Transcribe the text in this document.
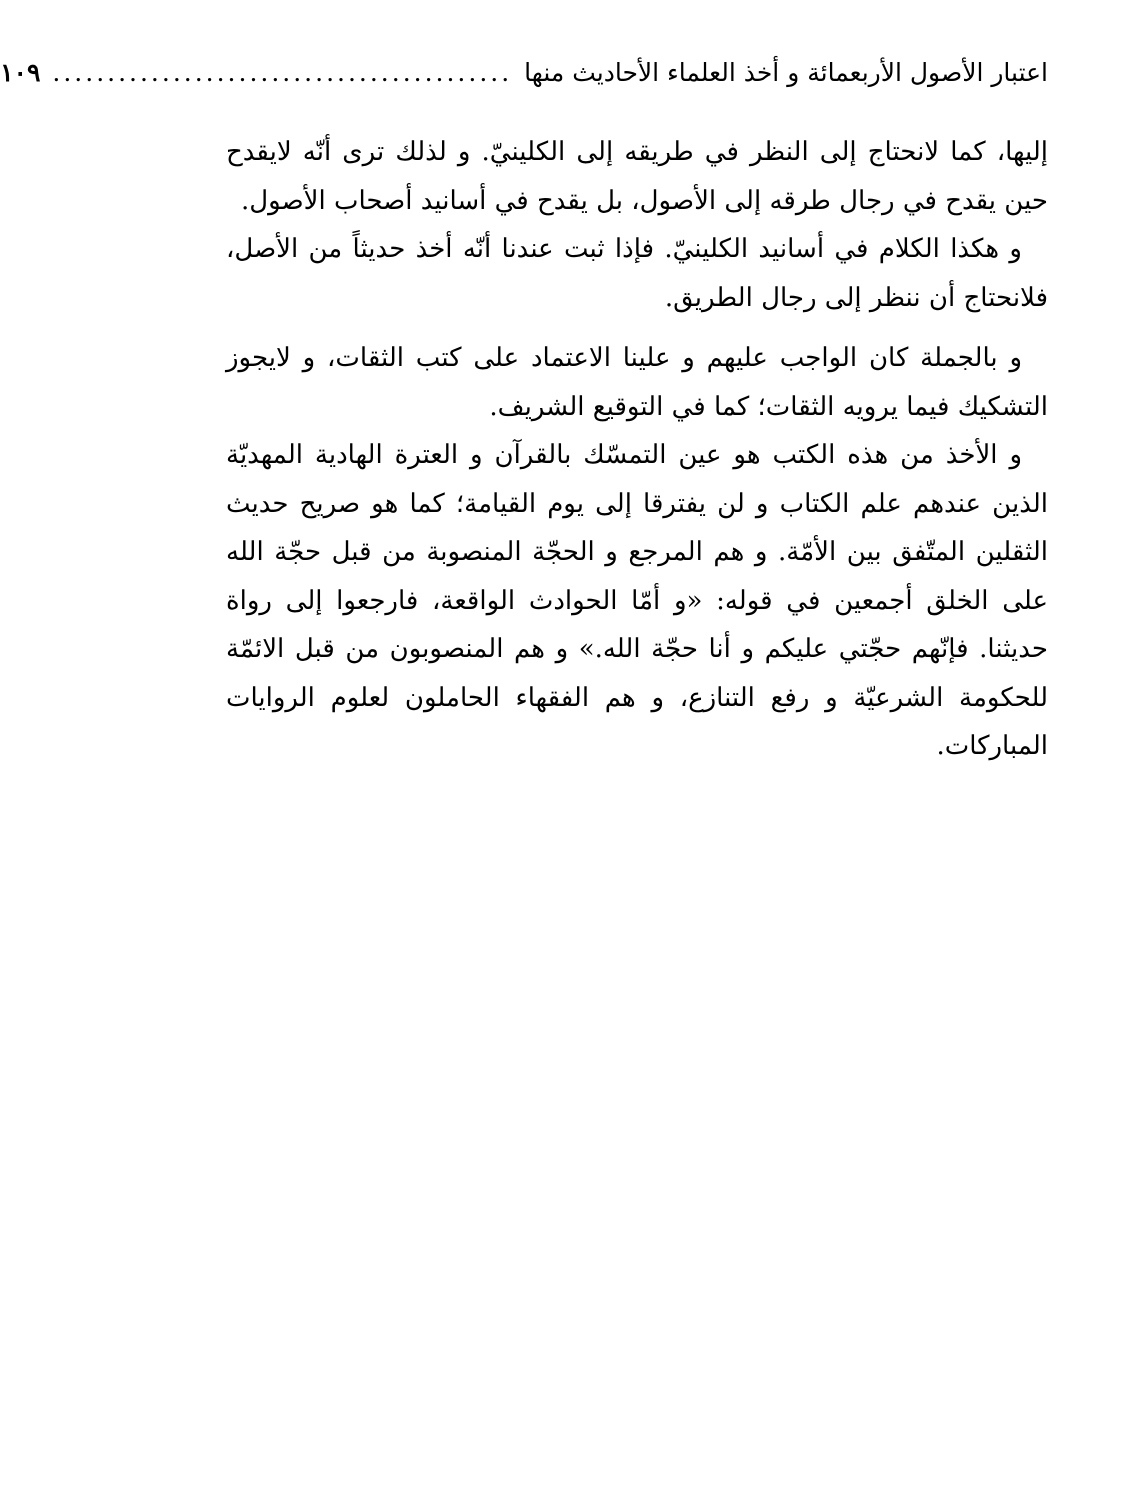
اعتبار الأصول الأربعمائة و أخذ العلماء الأحاديث منها
..........................................
۱۰۹

إليها، كما لانحتاج إلى النظر في طريقه إلى الكلينيّ. و لذلك ترى أنّه لايقدح حين يقدح في رجال طرقه إلى الأصول، بل يقدح في أسانيد أصحاب الأصول.

و هكذا الكلام في أسانيد الكلينيّ. فإذا ثبت عندنا أنّه أخذ حديثاً من الأصل، فلانحتاج أن ننظر إلى رجال الطريق.

و بالجملة كان الواجب عليهم و علينا الاعتماد على كتب الثقات، و لايجوز التشكيك فيما يرويه الثقات؛ كما في التوقيع الشريف.

و الأخذ من هذه الكتب هو عين التمسّك بالقرآن و العترة الهادية المهديّة الذين عندهم علم الكتاب و لن يفترقا إلى يوم القيامة؛ كما هو صريح حديث الثقلين المتّفق بين الأمّة. و هم المرجع و الحجّة المنصوبة من قبل حجّة الله على الخلق أجمعين في قوله: «و أمّا الحوادث الواقعة، فارجعوا إلى رواة حديثنا. فإنّهم حجّتي عليكم و أنا حجّة الله.» و هم المنصوبون من قبل الائمّة للحكومة الشرعيّة و رفع التنازع، و هم الفقهاء الحاملون لعلوم الروايات المباركات.
